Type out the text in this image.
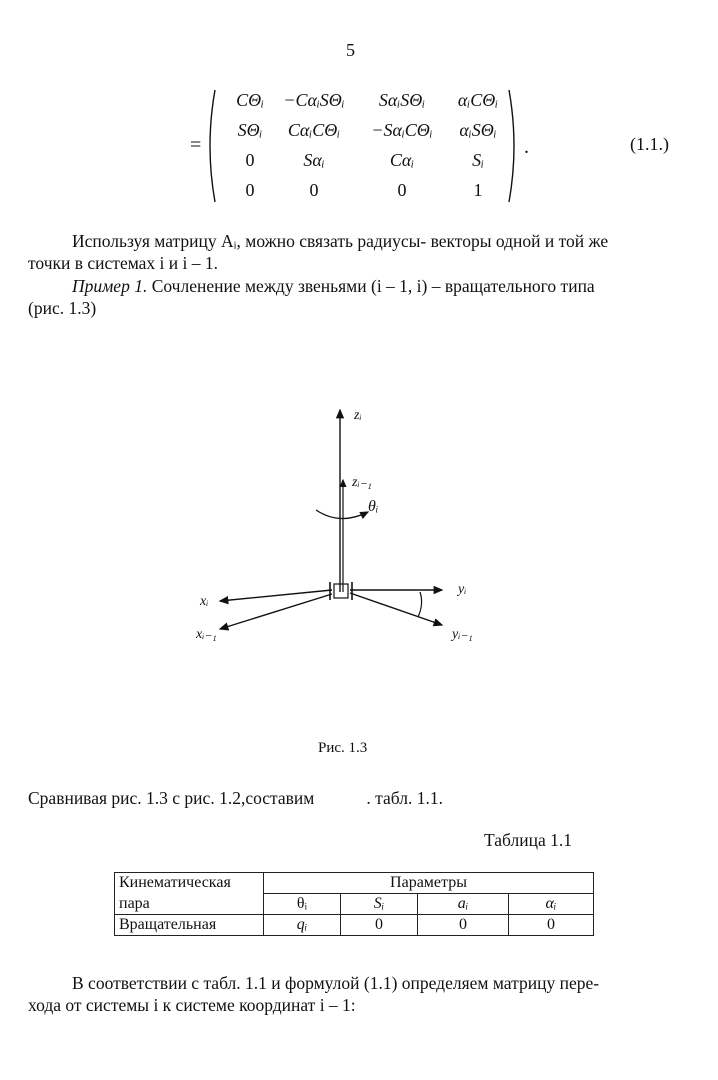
5
=	.
CΘᵢ	−CαᵢSΘᵢ	SαᵢSΘᵢ	αᵢCΘᵢ
SΘᵢ	CαᵢCΘᵢ	−SαᵢCΘᵢ	αᵢSΘᵢ
0	Sαᵢ	Cαᵢ	Sᵢ
0	0	0	1
(1.1.)
Используя матрицу Aᵢ, можно связать радиусы- векторы одной и той же
точки в системах i и i – 1.
Пример 1. Сочленение между звеньями (i – 1, i) – вращательного типа
(рис. 1.3)
zᵢ
zᵢ₋₁
θᵢ
xᵢ
xᵢ₋₁
yᵢ
yᵢ₋₁
Рис. 1.3
Сравнивая рис. 1.3 с рис. 1.2,составим	. табл. 1.1.
Таблица 1.1
Кинематическая	Параметры			
пара	θᵢ	Sᵢ	aᵢ	αᵢ
Вращательная	qᵢ	0	0	0
В соответствии с табл. 1.1 и формулой (1.1) определяем матрицу пере-
хода от системы i к системе координат i – 1:
